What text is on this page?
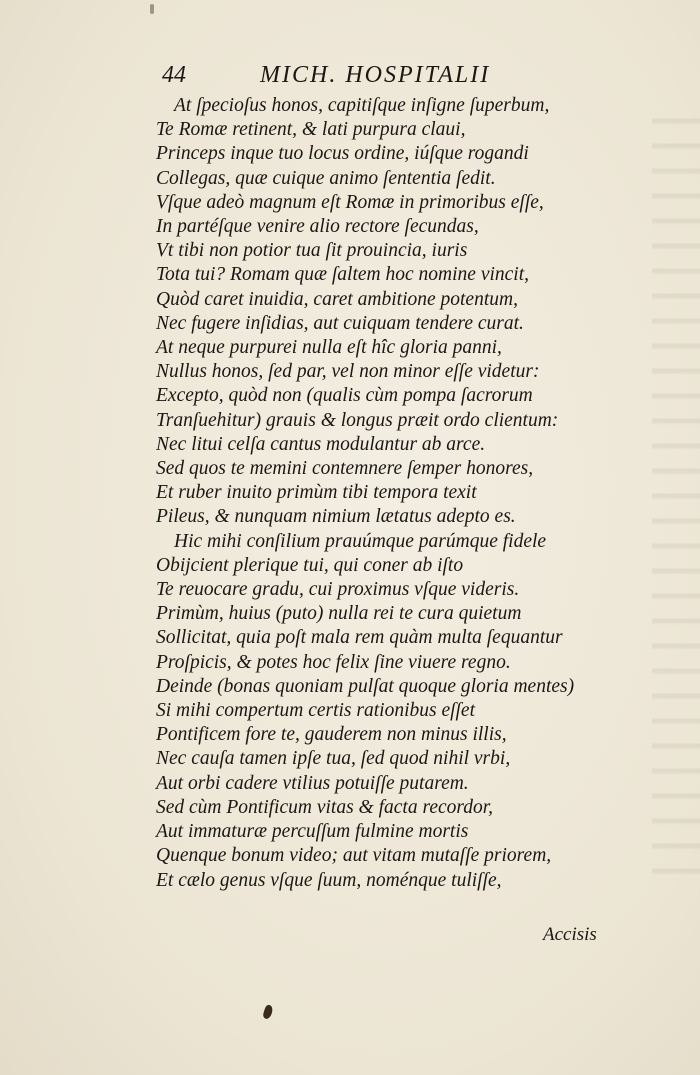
44	MICH. HOSPITALII
At ſpecioſus honos, capitiſque inſigne ſuperbum,
Te Romæ retinent, & lati purpura claui,
Princeps inque tuo locus ordine, iúſque rogandi
Collegas, quæ cuique animo ſententia ſedit.
Vſque adeò magnum eſt Romæ in primoribus eſſe,
In partéſque venire alio rectore ſecundas,
Vt tibi non potior tua ſit prouincia, iuris
Tota tui? Romam quæ ſaltem hoc nomine vincit,
Quòd caret inuidia, caret ambitione potentum,
Nec fugere inſidias, aut cuiquam tendere curat.
At neque purpurei nulla eſt hîc gloria panni,
Nullus honos, ſed par, vel non minor eſſe videtur:
Excepto, quòd non (qualis cùm pompa ſacrorum
Tranſuehitur) grauis & longus præit ordo clientum:
Nec litui celſa cantus modulantur ab arce.
Sed quos te memini contemnere ſemper honores,
Et ruber inuito primùm tibi tempora texit
Pileus, & nunquam nimium lætatus adepto es.
Hic mihi conſilium prauúmque parúmque fidele
Obijcient plerique tui, qui coner ab iſto
Te reuocare gradu, cui proximus vſque videris.
Primùm, huius (puto) nulla rei te cura quietum
Sollicitat, quia poſt mala rem quàm multa ſequantur
Proſpicis, & potes hoc felix ſine viuere regno.
Deinde (bonas quoniam pulſat quoque gloria mentes)
Si mihi compertum certis rationibus eſſet
Pontificem fore te, gauderem non minus illis,
Nec cauſa tamen ipſe tua, ſed quod nihil vrbi,
Aut orbi cadere vtilius potuiſſe putarem.
Sed cùm Pontificum vitas & facta recordor,
Aut immaturæ percuſſum fulmine mortis
Quenque bonum video; aut vitam mutaſſe priorem,
Et cælo genus vſque ſuum, noménque tuliſſe,
Accisis
